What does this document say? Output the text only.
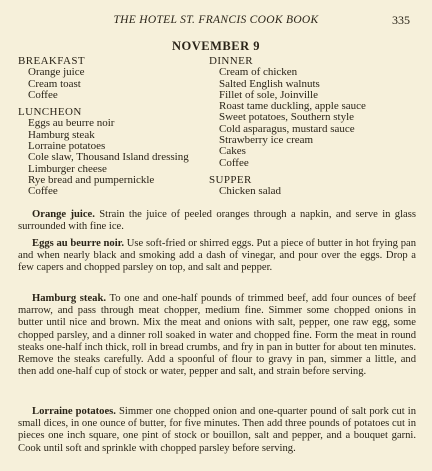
THE HOTEL ST. FRANCIS COOK BOOK	335
NOVEMBER 9
BREAKFAST
Orange juice
Cream toast
Coffee
LUNCHEON
Eggs au beurre noir
Hamburg steak
Lorraine potatoes
Cole slaw, Thousand Island dressing
Limburger cheese
Rye bread and pumpernickle
Coffee
DINNER
Cream of chicken
Salted English walnuts
Fillet of sole, Joinville
Roast tame duckling, apple sauce
Sweet potatoes, Southern style
Cold asparagus, mustard sauce
Strawberry ice cream
Cakes
Coffee
SUPPER
Chicken salad

Orange juice. Strain the juice of peeled oranges through a napkin, and serve in glass surrounded with fine ice.

Eggs au beurre noir. Use soft-fried or shirred eggs. Put a piece of butter in hot frying pan and when nearly black and smoking add a dash of vinegar, and pour over the eggs. Drop a few capers and chopped parsley on top, and salt and pepper.

Hamburg steak. To one and one-half pounds of trimmed beef, add four ounces of beef marrow, and pass through meat chopper, medium fine. Simmer some chopped onions in butter until nice and brown. Mix the meat and onions with salt, pepper, one raw egg, some chopped parsley, and a dinner roll soaked in water and chopped fine. Form the meat in round steaks one-half inch thick, roll in bread crumbs, and fry in pan in butter for about ten minutes. Remove the steaks carefully. Add a spoonful of flour to gravy in pan, simmer a little, and then add one-half cup of stock or water, pepper and salt, and strain before serving.

Lorraine potatoes. Simmer one chopped onion and one-quarter pound of salt pork cut in small dices, in one ounce of butter, for five minutes. Then add three pounds of potatoes cut in pieces one inch square, one pint of stock or bouillon, salt and pepper, and a bouquet garni. Cook until soft and sprinkle with chopped parsley before serving.
